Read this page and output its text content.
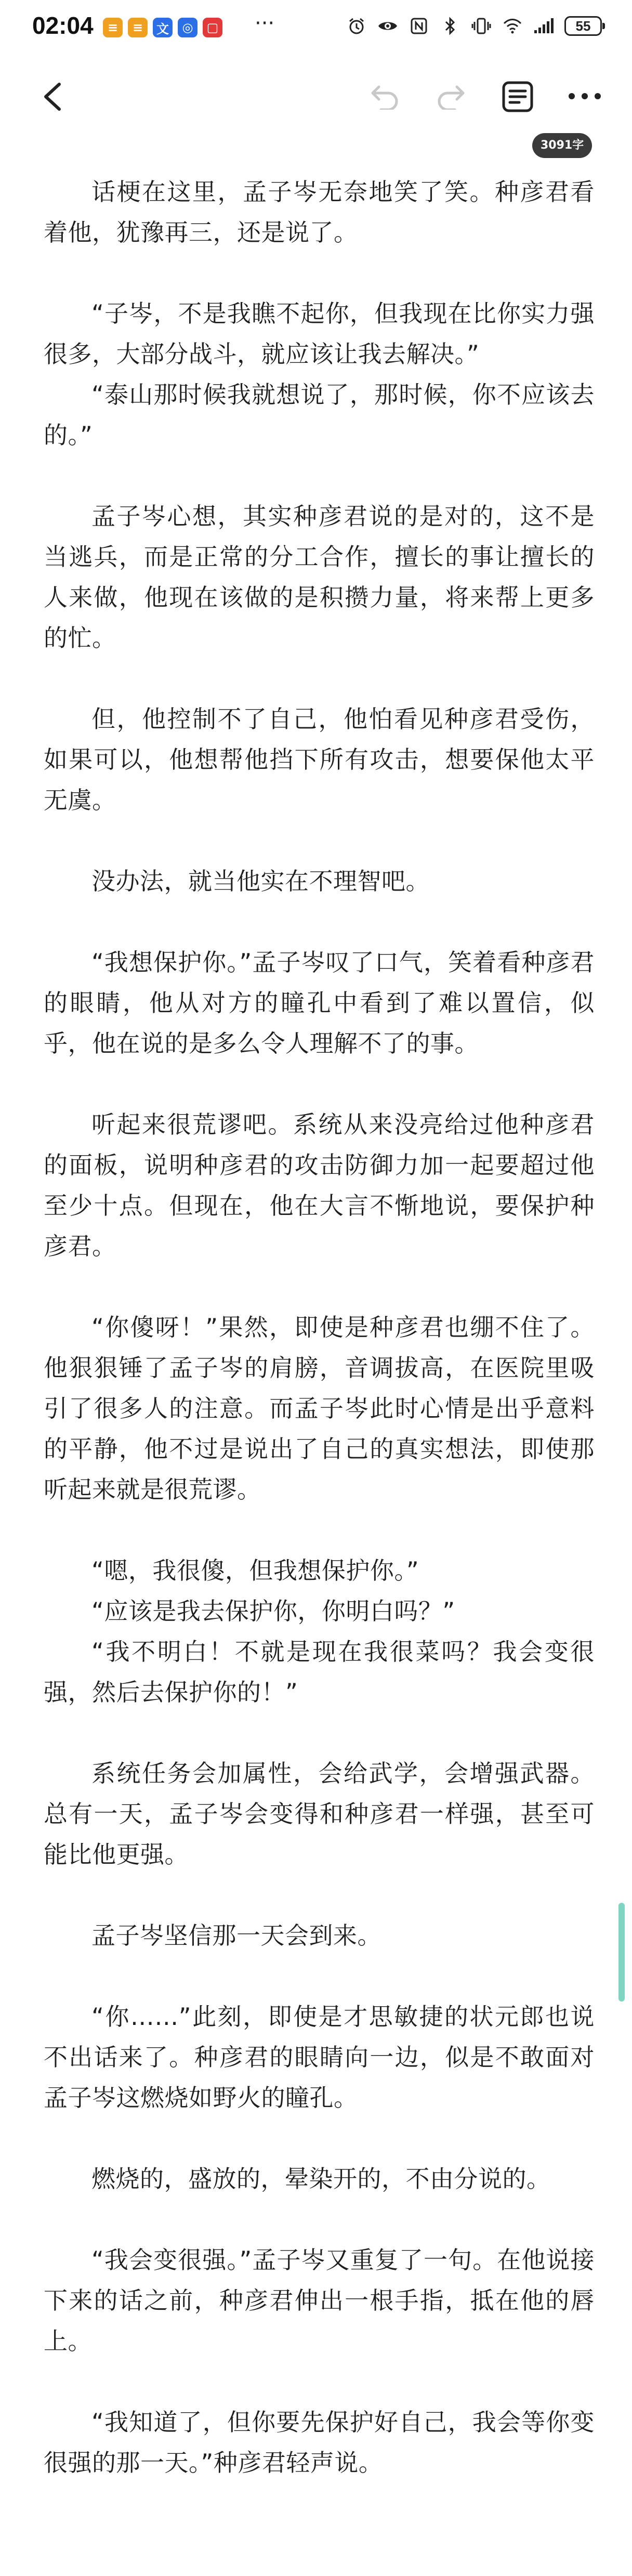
02:04	≡	≡	文	◎	▢ ···	55
3091字

话梗在这里，孟子岑无奈地笑了笑。种彦君看着他，犹豫再三，还是说了。

“子岑，不是我瞧不起你，但我现在比你实力强很多，大部分战斗，就应该让我去解决。”

“泰山那时候我就想说了，那时候，你不应该去的。”

孟子岑心想，其实种彦君说的是对的，这不是当逃兵，而是正常的分工合作，擅长的事让擅长的人来做，他现在该做的是积攒力量，将来帮上更多的忙。

但，他控制不了自己，他怕看见种彦君受伤，如果可以，他想帮他挡下所有攻击，想要保他太平无虞。

没办法，就当他实在不理智吧。

“我想保护你。”孟子岑叹了口气，笑着看种彦君的眼睛，他从对方的瞳孔中看到了难以置信，似乎，他在说的是多么令人理解不了的事。

听起来很荒谬吧。系统从来没亮给过他种彦君的面板，说明种彦君的攻击防御力加一起要超过他至少十点。但现在，他在大言不惭地说，要保护种彦君。

“你傻呀！”果然，即使是种彦君也绷不住了。他狠狠锤了孟子岑的肩膀，音调拔高，在医院里吸引了很多人的注意。而孟子岑此时心情是出乎意料的平静，他不过是说出了自己的真实想法，即使那听起来就是很荒谬。

“嗯，我很傻，但我想保护你。”

“应该是我去保护你，你明白吗？”

“我不明白！不就是现在我很菜吗？我会变很强，然后去保护你的！”

系统任务会加属性，会给武学，会增强武器。总有一天，孟子岑会变得和种彦君一样强，甚至可能比他更强。

孟子岑坚信那一天会到来。

“你……”此刻，即使是才思敏捷的状元郎也说不出话来了。种彦君的眼睛向一边，似是不敢面对孟子岑这燃烧如野火的瞳孔。

燃烧的，盛放的，晕染开的，不由分说的。

“我会变很强。”孟子岑又重复了一句。在他说接下来的话之前，种彦君伸出一根手指，抵在他的唇上。

“我知道了，但你要先保护好自己，我会等你变很强的那一天。”种彦君轻声说。
